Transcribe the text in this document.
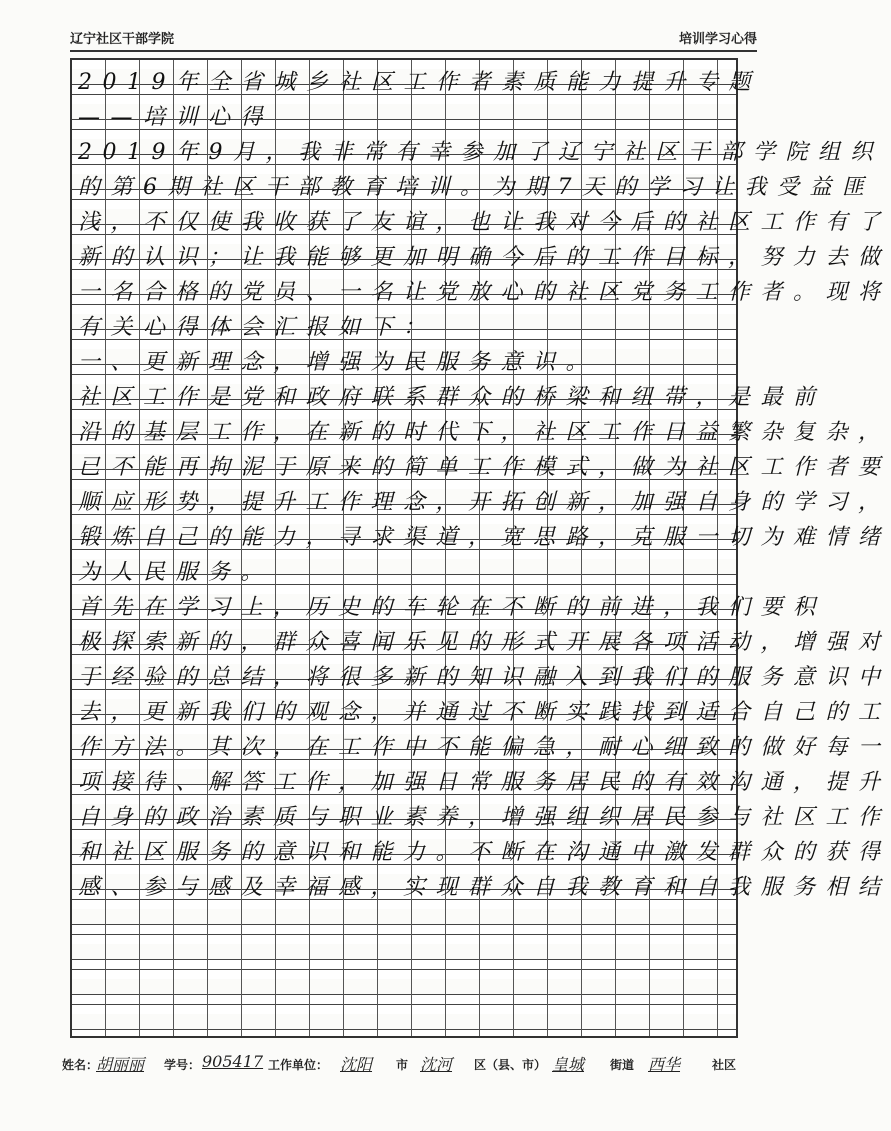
辽宁社区干部学院	培训学习心得
2019年全省城乡社区工作者素质能力提升专题
——培训心得
2019年9月，我非常有幸参加了辽宁社区干部学院组织
的第6期社区干部教育培训。为期7天的学习让我受益匪
浅，不仅使我收获了友谊，也让我对今后的社区工作有了
新的认识；让我能够更加明确今后的工作目标，努力去做
一名合格的党员、一名让党放心的社区党务工作者。现将
有关心得体会汇报如下：
一、更新理念，增强为民服务意识。
社区工作是党和政府联系群众的桥梁和纽带，是最前
沿的基层工作，在新的时代下，社区工作日益繁杂复杂，
已不能再拘泥于原来的简单工作模式，做为社区工作者要
顺应形势，提升工作理念，开拓创新，加强自身的学习，
锻炼自己的能力，寻求渠道，宽思路，克服一切为难情绪
为人民服务。
首先在学习上，历史的车轮在不断的前进，我们要积
极探索新的，群众喜闻乐见的形式开展各项活动，增强对
于经验的总结，将很多新的知识融入到我们的服务意识中
去，更新我们的观念，并通过不断实践找到适合自己的工
作方法。其次，在工作中不能偏急，耐心细致的做好每一
项接待、解答工作，加强日常服务居民的有效沟通，提升
自身的政治素质与职业素养，增强组织居民参与社区工作
和社区服务的意识和能力。不断在沟通中激发群众的获得
感、参与感及幸福感，实现群众自我教育和自我服务相结
姓名：
胡丽丽 学号： 905417 工作单位： 沈阳 市 沈河 区（县、市） 皇城 街道 西华	社区
